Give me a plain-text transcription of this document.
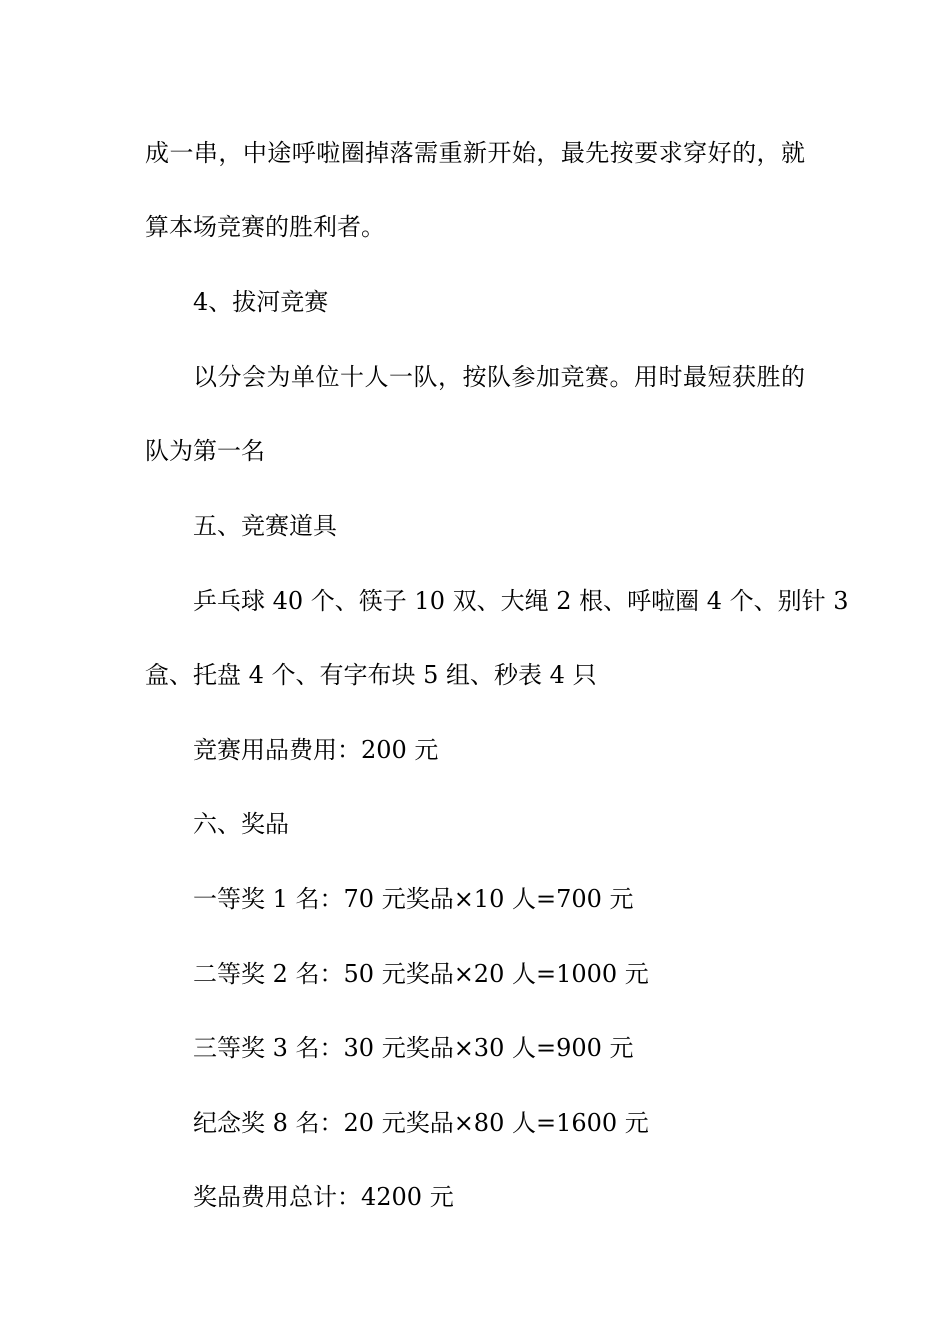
成一串，中途呼啦圈掉落需重新开始，最先按要求穿好的，就
算本场竞赛的胜利者。
4、拔河竞赛
以分会为单位十人一队，按队参加竞赛。用时最短获胜的
队为第一名
五、竞赛道具
乒乓球 40 个、筷子 10 双、大绳 2 根、呼啦圈 4 个、别针 3
盒、托盘 4 个、有字布块 5 组、秒表 4 只
竞赛用品费用：200 元
六、奖品
一等奖 1 名：70 元奖品×10 人=700 元
二等奖 2 名：50 元奖品×20 人=1000 元
三等奖 3 名：30 元奖品×30 人=900 元
纪念奖 8 名：20 元奖品×80 人=1600 元
奖品费用总计：4200 元
